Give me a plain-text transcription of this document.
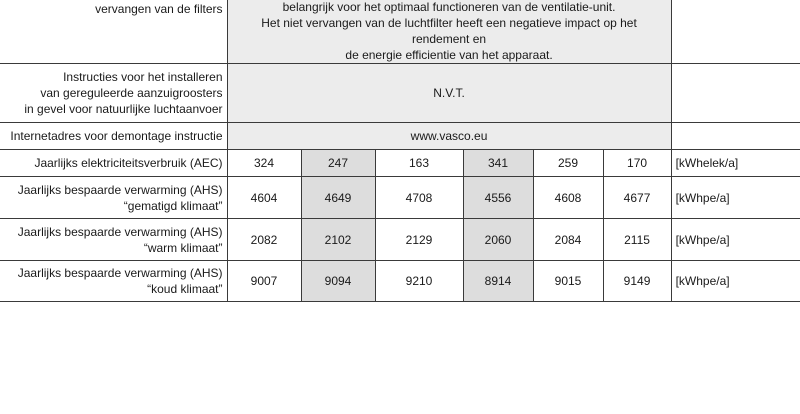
vervangen van de filters	belangrijk voor het optimaal functioneren van de ventilatie-unit.
Het niet vervangen van de luchtfilter heeft een negatieve impact op het rendement en
de energie efficientie van het apparaat.						

Instructies voor het installeren
van gereguleerde aanzuigroosters
in gevel voor natuurlijke luchtaanvoer	N.V.T.						
Internetadres voor demontage instructie	www.vasco.eu						

Jaarlijks elektriciteitsverbruik (AEC)	324	247	163	341	259	170	[kWhelek/a]

Jaarlijks bespaarde verwarming (AHS)
“gematigd klimaat”	4604	4649	4708	4556	4608	4677	[kWhpe/a]

Jaarlijks bespaarde verwarming (AHS)
“warm klimaat”	2082	2102	2129	2060	2084	2115	[kWhpe/a]

Jaarlijks bespaarde verwarming (AHS)
“koud klimaat”	9007	9094	9210	8914	9015	9149	[kWhpe/a]
